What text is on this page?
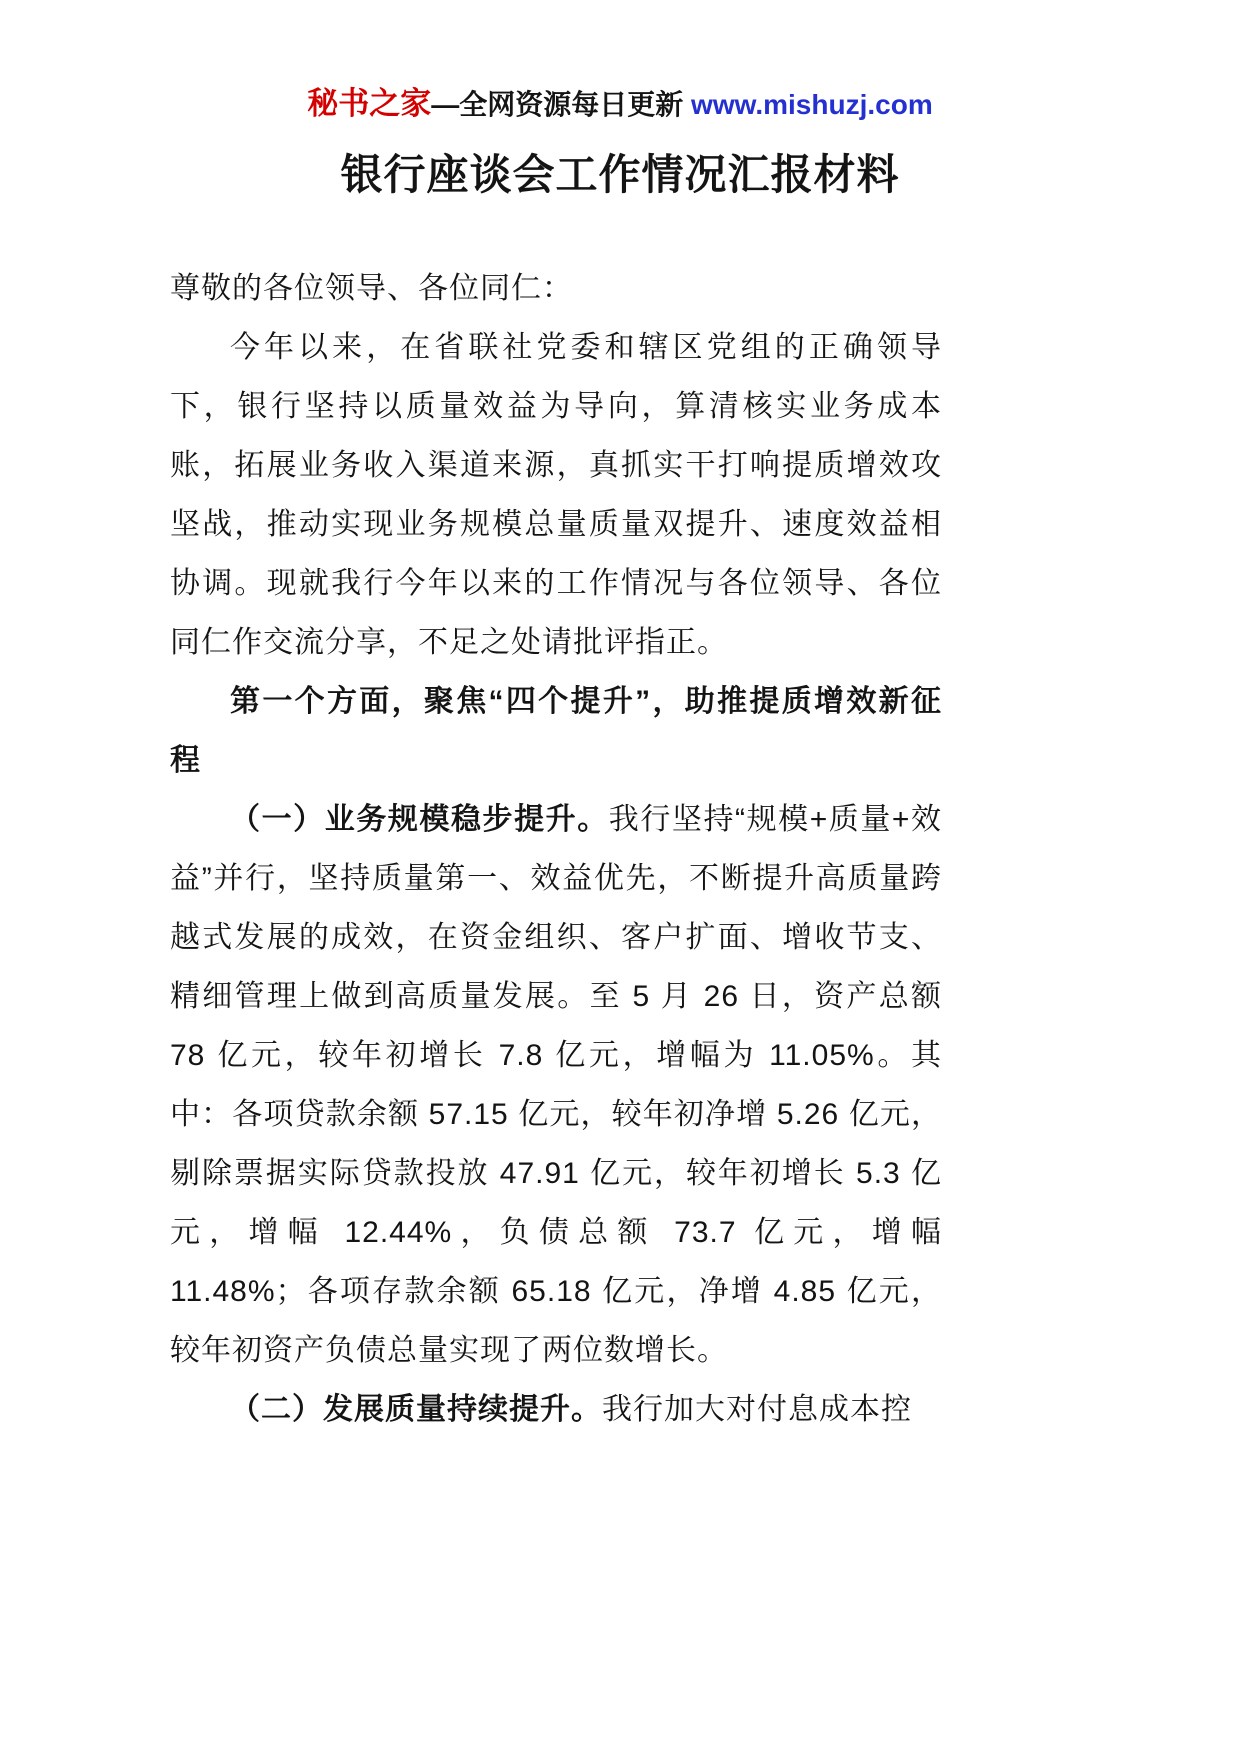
秘书之家—全网资源每日更新 www.mishuzj.com
银行座谈会工作情况汇报材料

尊敬的各位领导、各位同仁：

今年以来，在省联社党委和辖区党组的正确领导下，银行坚持以质量效益为导向，算清核实业务成本账，拓展业务收入渠道来源，真抓实干打响提质增效攻坚战，推动实现业务规模总量质量双提升、速度效益相协调。现就我行今年以来的工作情况与各位领导、各位同仁作交流分享，不足之处请批评指正。

第一个方面，聚焦“四个提升”，助推提质增效新征程

（一）业务规模稳步提升。我行坚持“规模+质量+效益”并行，坚持质量第一、效益优先，不断提升高质量跨越式发展的成效，在资金组织、客户扩面、增收节支、精细管理上做到高质量发展。至 5 月 26 日，资产总额 78 亿元，较年初增长 7.8 亿元，增幅为 11.05%。其中：各项贷款余额 57.15 亿元，较年初净增 5.26 亿元，剔除票据实际贷款投放 47.91 亿元，较年初增长 5.3 亿元，增幅 12.44%，负债总额 73.7 亿元，增幅 11.48%；各项存款余额 65.18 亿元，净增 4.85 亿元，较年初资产负债总量实现了两位数增长。

（二）发展质量持续提升。我行加大对付息成本控
